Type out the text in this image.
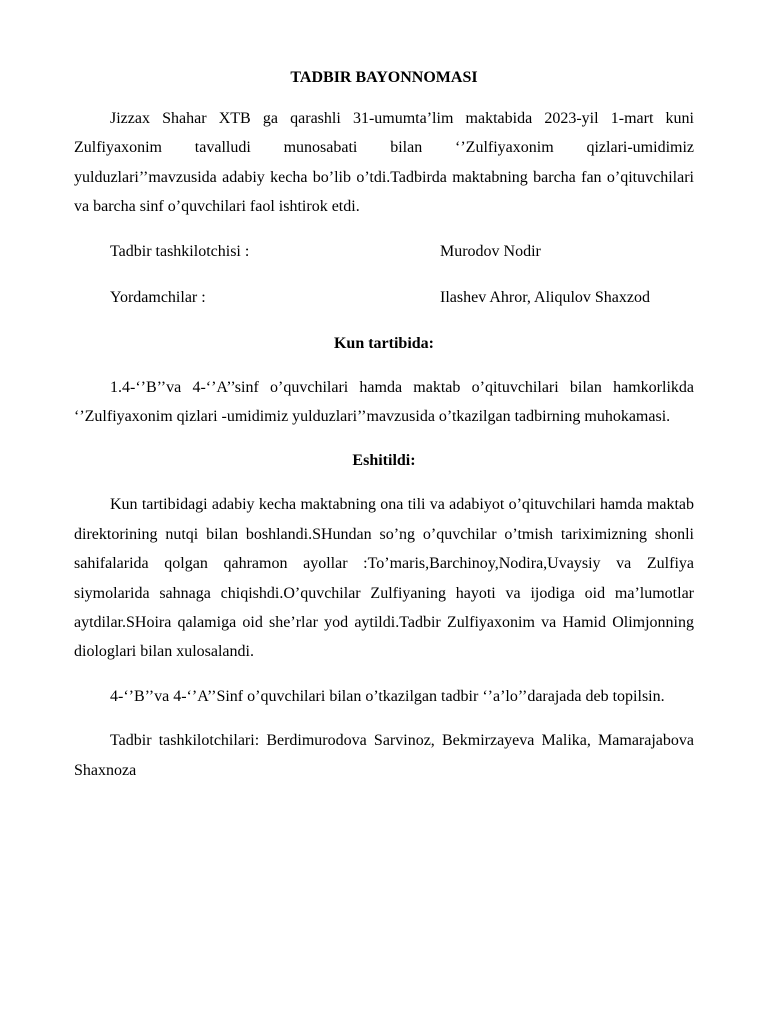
TADBIR BAYONNOMASI

Jizzax Shahar XTB ga qarashli 31-umumta’lim maktabida 2023-yil 1-mart kuni Zulfiyaxonim tavalludi munosabati bilan ‘’Zulfiyaxonim qizlari-umidimiz yulduzlari’’mavzusida adabiy kecha bo’lib o’tdi.Tadbirda maktabning barcha fan o’qituvchilari va barcha sinf o’quvchilari faol ishtirok etdi.

Tadbir tashkilotchisi :	Murodov Nodir
Yordamchilar :	Ilashev Ahror, Aliqulov Shaxzod
Kun tartibida:

1.4-‘’B’’va 4-‘’A’’sinf o’quvchilari hamda maktab o’qituvchilari bilan hamkorlikda ‘’Zulfiyaxonim qizlari -umidimiz yulduzlari’’mavzusida o’tkazilgan tadbirning muhokamasi.

Eshitildi:

Kun tartibidagi adabiy kecha maktabning ona tili va adabiyot o’qituvchilari hamda maktab direktorining nutqi bilan boshlandi.SHundan so’ng o’quvchilar o’tmish tariximizning shonli sahifalarida qolgan qahramon ayollar :To’maris,Barchinoy,Nodira,Uvaysiy va Zulfiya siymolarida sahnaga chiqishdi.O’quvchilar Zulfiyaning hayoti va ijodiga oid ma’lumotlar aytdilar.SHoira qalamiga oid she’rlar yod aytildi.Tadbir Zulfiyaxonim va Hamid Olimjonning diologlari bilan xulosalandi.

4-‘’B’’va 4-‘’A’’Sinf o’quvchilari bilan o’tkazilgan tadbir ‘’a’lo’’darajada deb topilsin.

Tadbir tashkilotchilari: Berdimurodova Sarvinoz, Bekmirzayeva Malika, Mamarajabova Shaxnoza
